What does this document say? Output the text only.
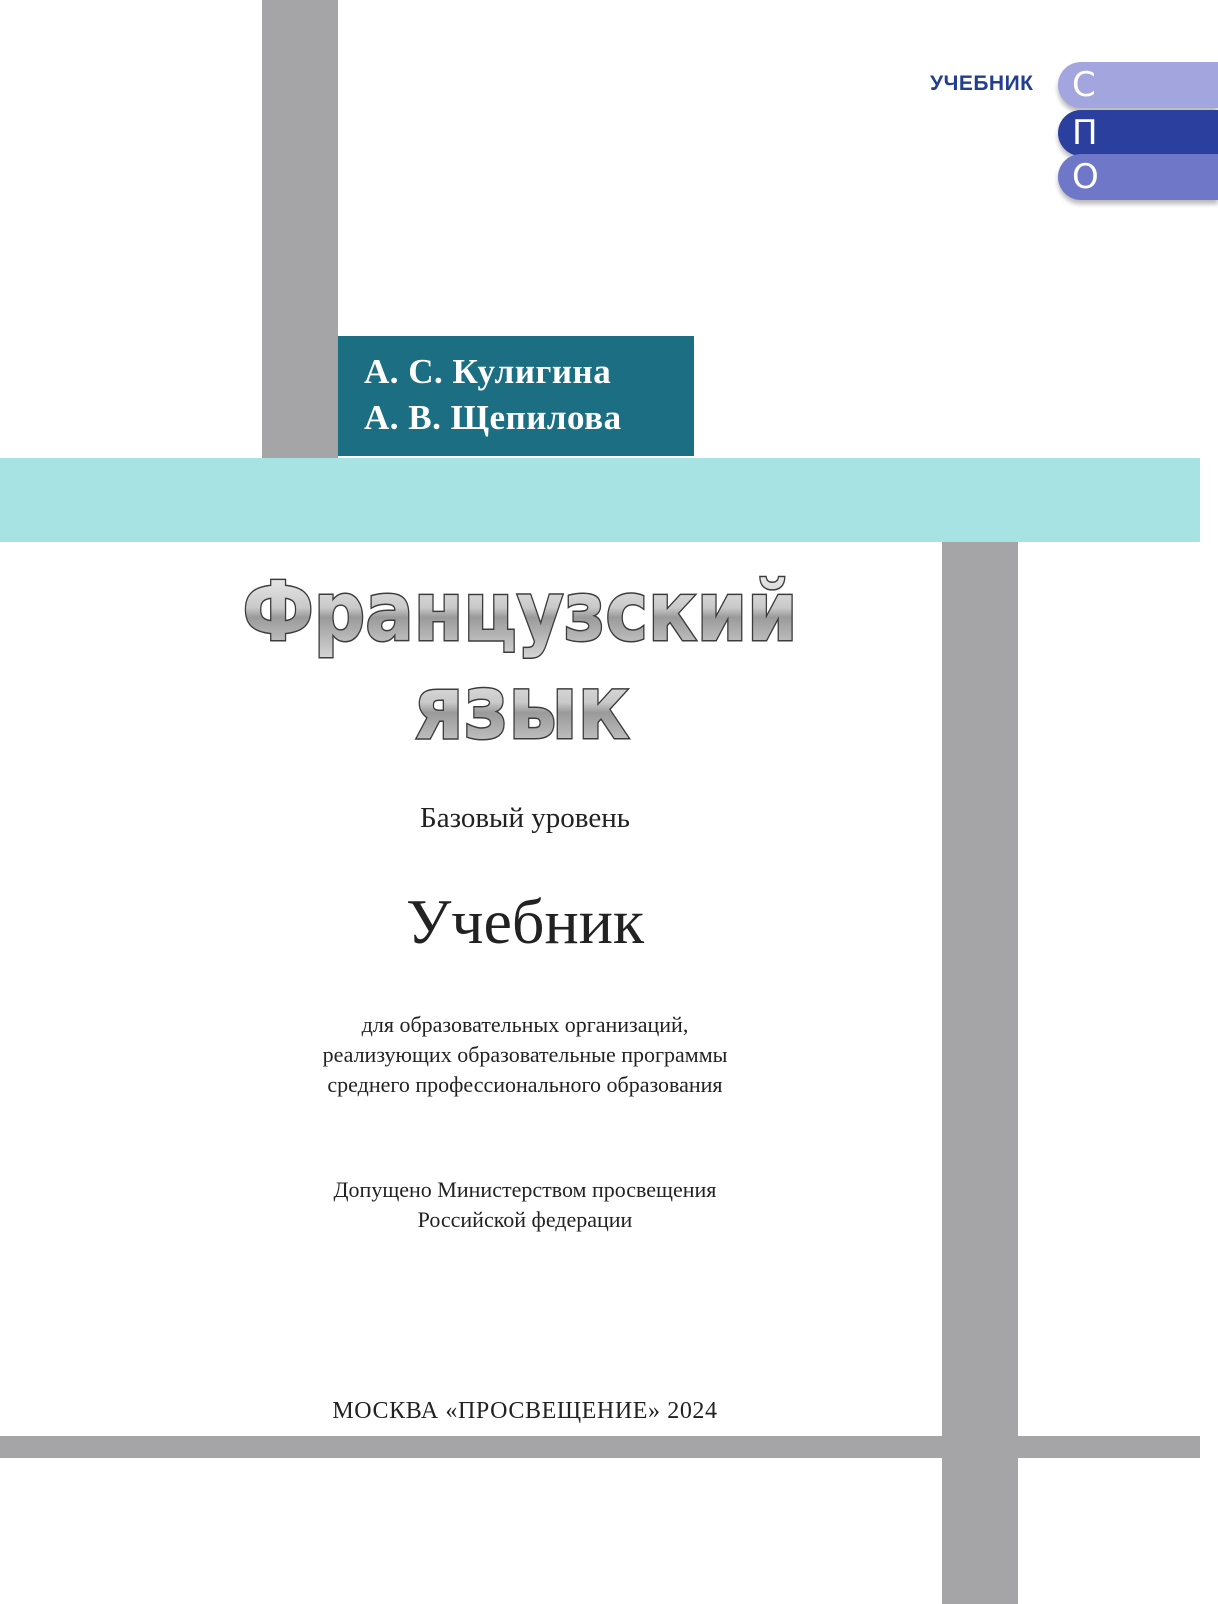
УЧЕБНИК С
П
О
А. С. Кулигина
А. В. Щепилова
Французский
язык
Базовый уровень
Учебник
для образовательных организаций,
реализующих образовательные программы
среднего профессионального образования
Допущено Министерством просвещения
Российской федерации
МОСКВА «ПРОСВЕЩЕНИЕ» 2024
